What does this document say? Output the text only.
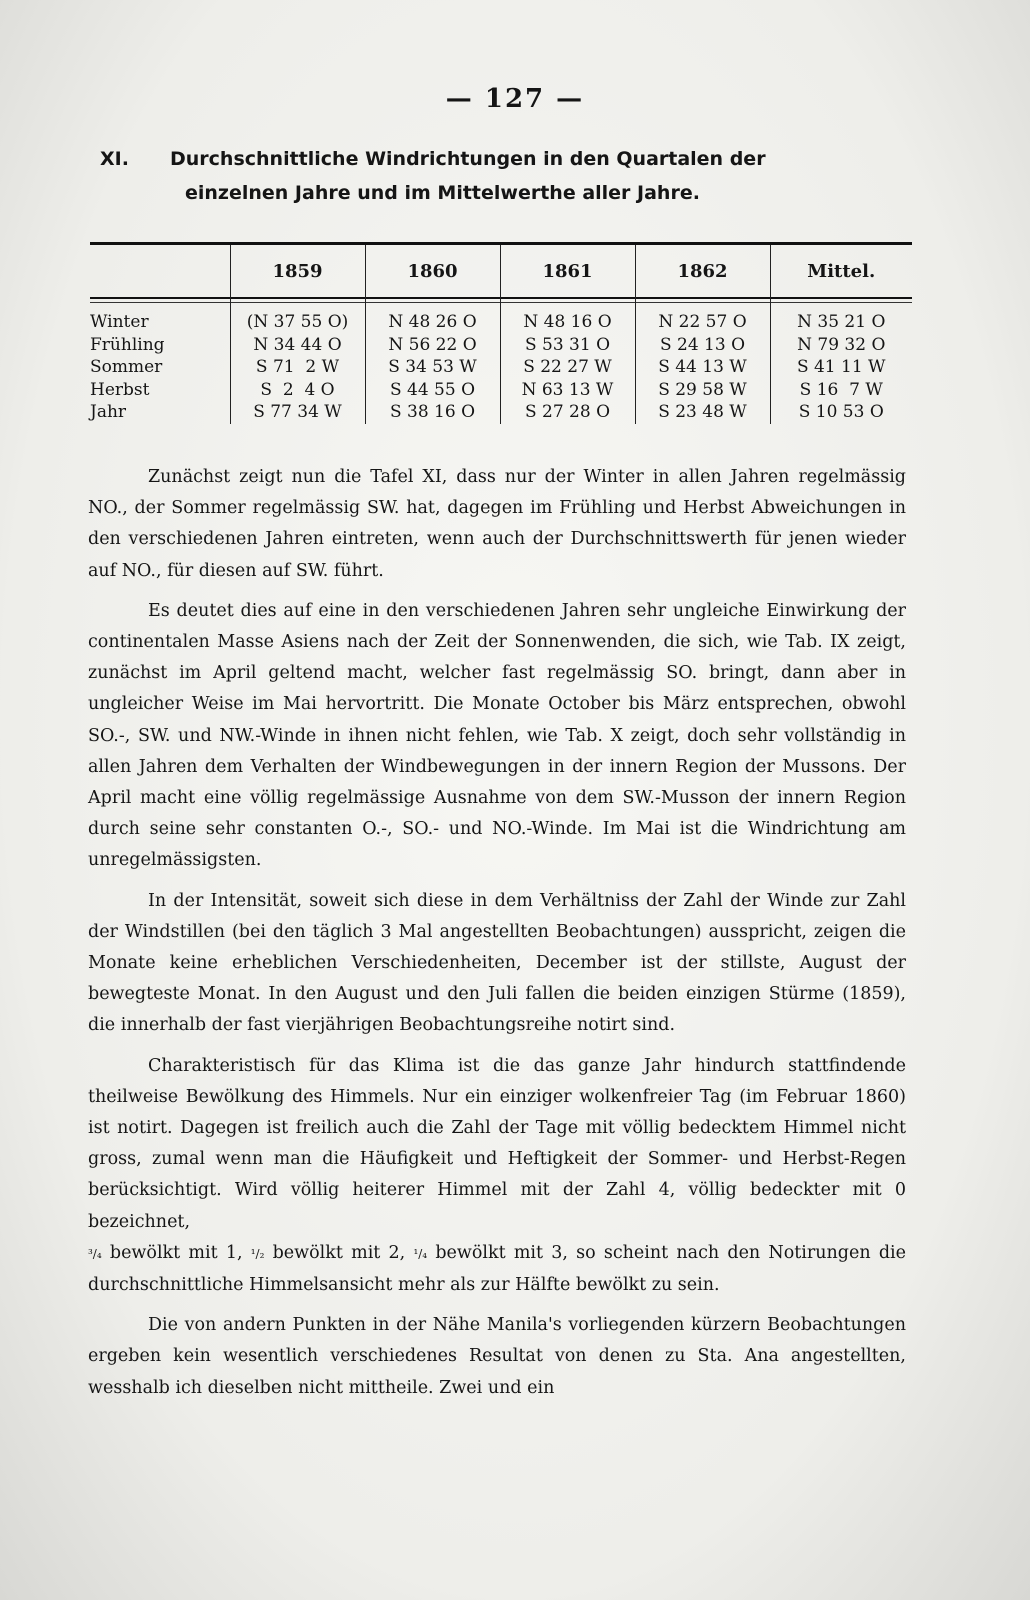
— 127 —
XI. Durchschnittliche Windrichtungen in den Quartalen der
einzelnen Jahre und im Mittelwerthe aller Jahre.
	1859	1860	1861	1862	Mittel.
Winter	(N 37 55 O)	N 48 26 O	N 48 16 O	N 22 57 O	N 35 21 O
Frühling	N 34 44 O	N 56 22 O	S 53 31 O	S 24 13 O	N 79 32 O
Sommer	S 71  2 W	S 34 53 W	S 22 27 W	S 44 13 W	S 41 11 W
Herbst	S  2  4 O	S 44 55 O	N 63 13 W	S 29 58 W	S 16  7 W
Jahr	S 77 34 W	S 38 16 O	S 27 28 O	S 23 48 W	S 10 53 O

Zunächst zeigt nun die Tafel XI, dass nur der Winter in allen Jahren regelmässig NO., der Sommer regelmässig SW. hat, dagegen im Frühling und Herbst Abweichungen in den verschiedenen Jahren eintreten, wenn auch der Durchschnittswerth für jenen wieder auf NO., für diesen auf SW. führt.

Es deutet dies auf eine in den verschiedenen Jahren sehr ungleiche Einwirkung der continentalen Masse Asiens nach der Zeit der Sonnenwenden, die sich, wie Tab. IX zeigt, zunächst im April geltend macht, welcher fast regelmässig SO. bringt, dann aber in ungleicher Weise im Mai hervortritt. Die Monate October bis März entsprechen, obwohl SO.-, SW. und NW.-Winde in ihnen nicht fehlen, wie Tab. X zeigt, doch sehr vollständig in allen Jahren dem Verhalten der Windbewegungen in der innern Region der Mussons. Der April macht eine völlig regelmässige Ausnahme von dem SW.-Musson der innern Region durch seine sehr constanten O.-, SO.- und NO.-Winde. Im Mai ist die Windrichtung am unregelmässigsten.

In der Intensität, soweit sich diese in dem Verhältniss der Zahl der Winde zur Zahl der Windstillen (bei den täglich 3 Mal angestellten Beobachtungen) ausspricht, zeigen die Monate keine erheblichen Verschiedenheiten, December ist der stillste, August der bewegteste Monat. In den August und den Juli fallen die beiden einzigen Stürme (1859), die innerhalb der fast vierjährigen Beobachtungsreihe notirt sind.

Charakteristisch für das Klima ist die das ganze Jahr hindurch stattfindende theilweise Bewölkung des Himmels. Nur ein einziger wolkenfreier Tag (im Februar 1860) ist notirt. Dagegen ist freilich auch die Zahl der Tage mit völlig bedecktem Himmel nicht gross, zumal wenn man die Häufigkeit und Heftigkeit der Sommer- und Herbst-Regen berücksichtigt. Wird völlig heiterer Himmel mit der Zahl 4, völlig bedeckter mit 0 bezeichnet,
³/₄ bewölkt mit 1, ¹/₂ bewölkt mit 2, ¹/₄ bewölkt mit 3, so scheint nach den Notirungen die durchschnittliche Himmelsansicht mehr als zur Hälfte bewölkt zu sein.

Die von andern Punkten in der Nähe Manila's vorliegenden kürzern Beobachtungen ergeben kein wesentlich verschiedenes Resultat von denen zu Sta. Ana angestellten, wesshalb ich dieselben nicht mittheile. Zwei und ein
